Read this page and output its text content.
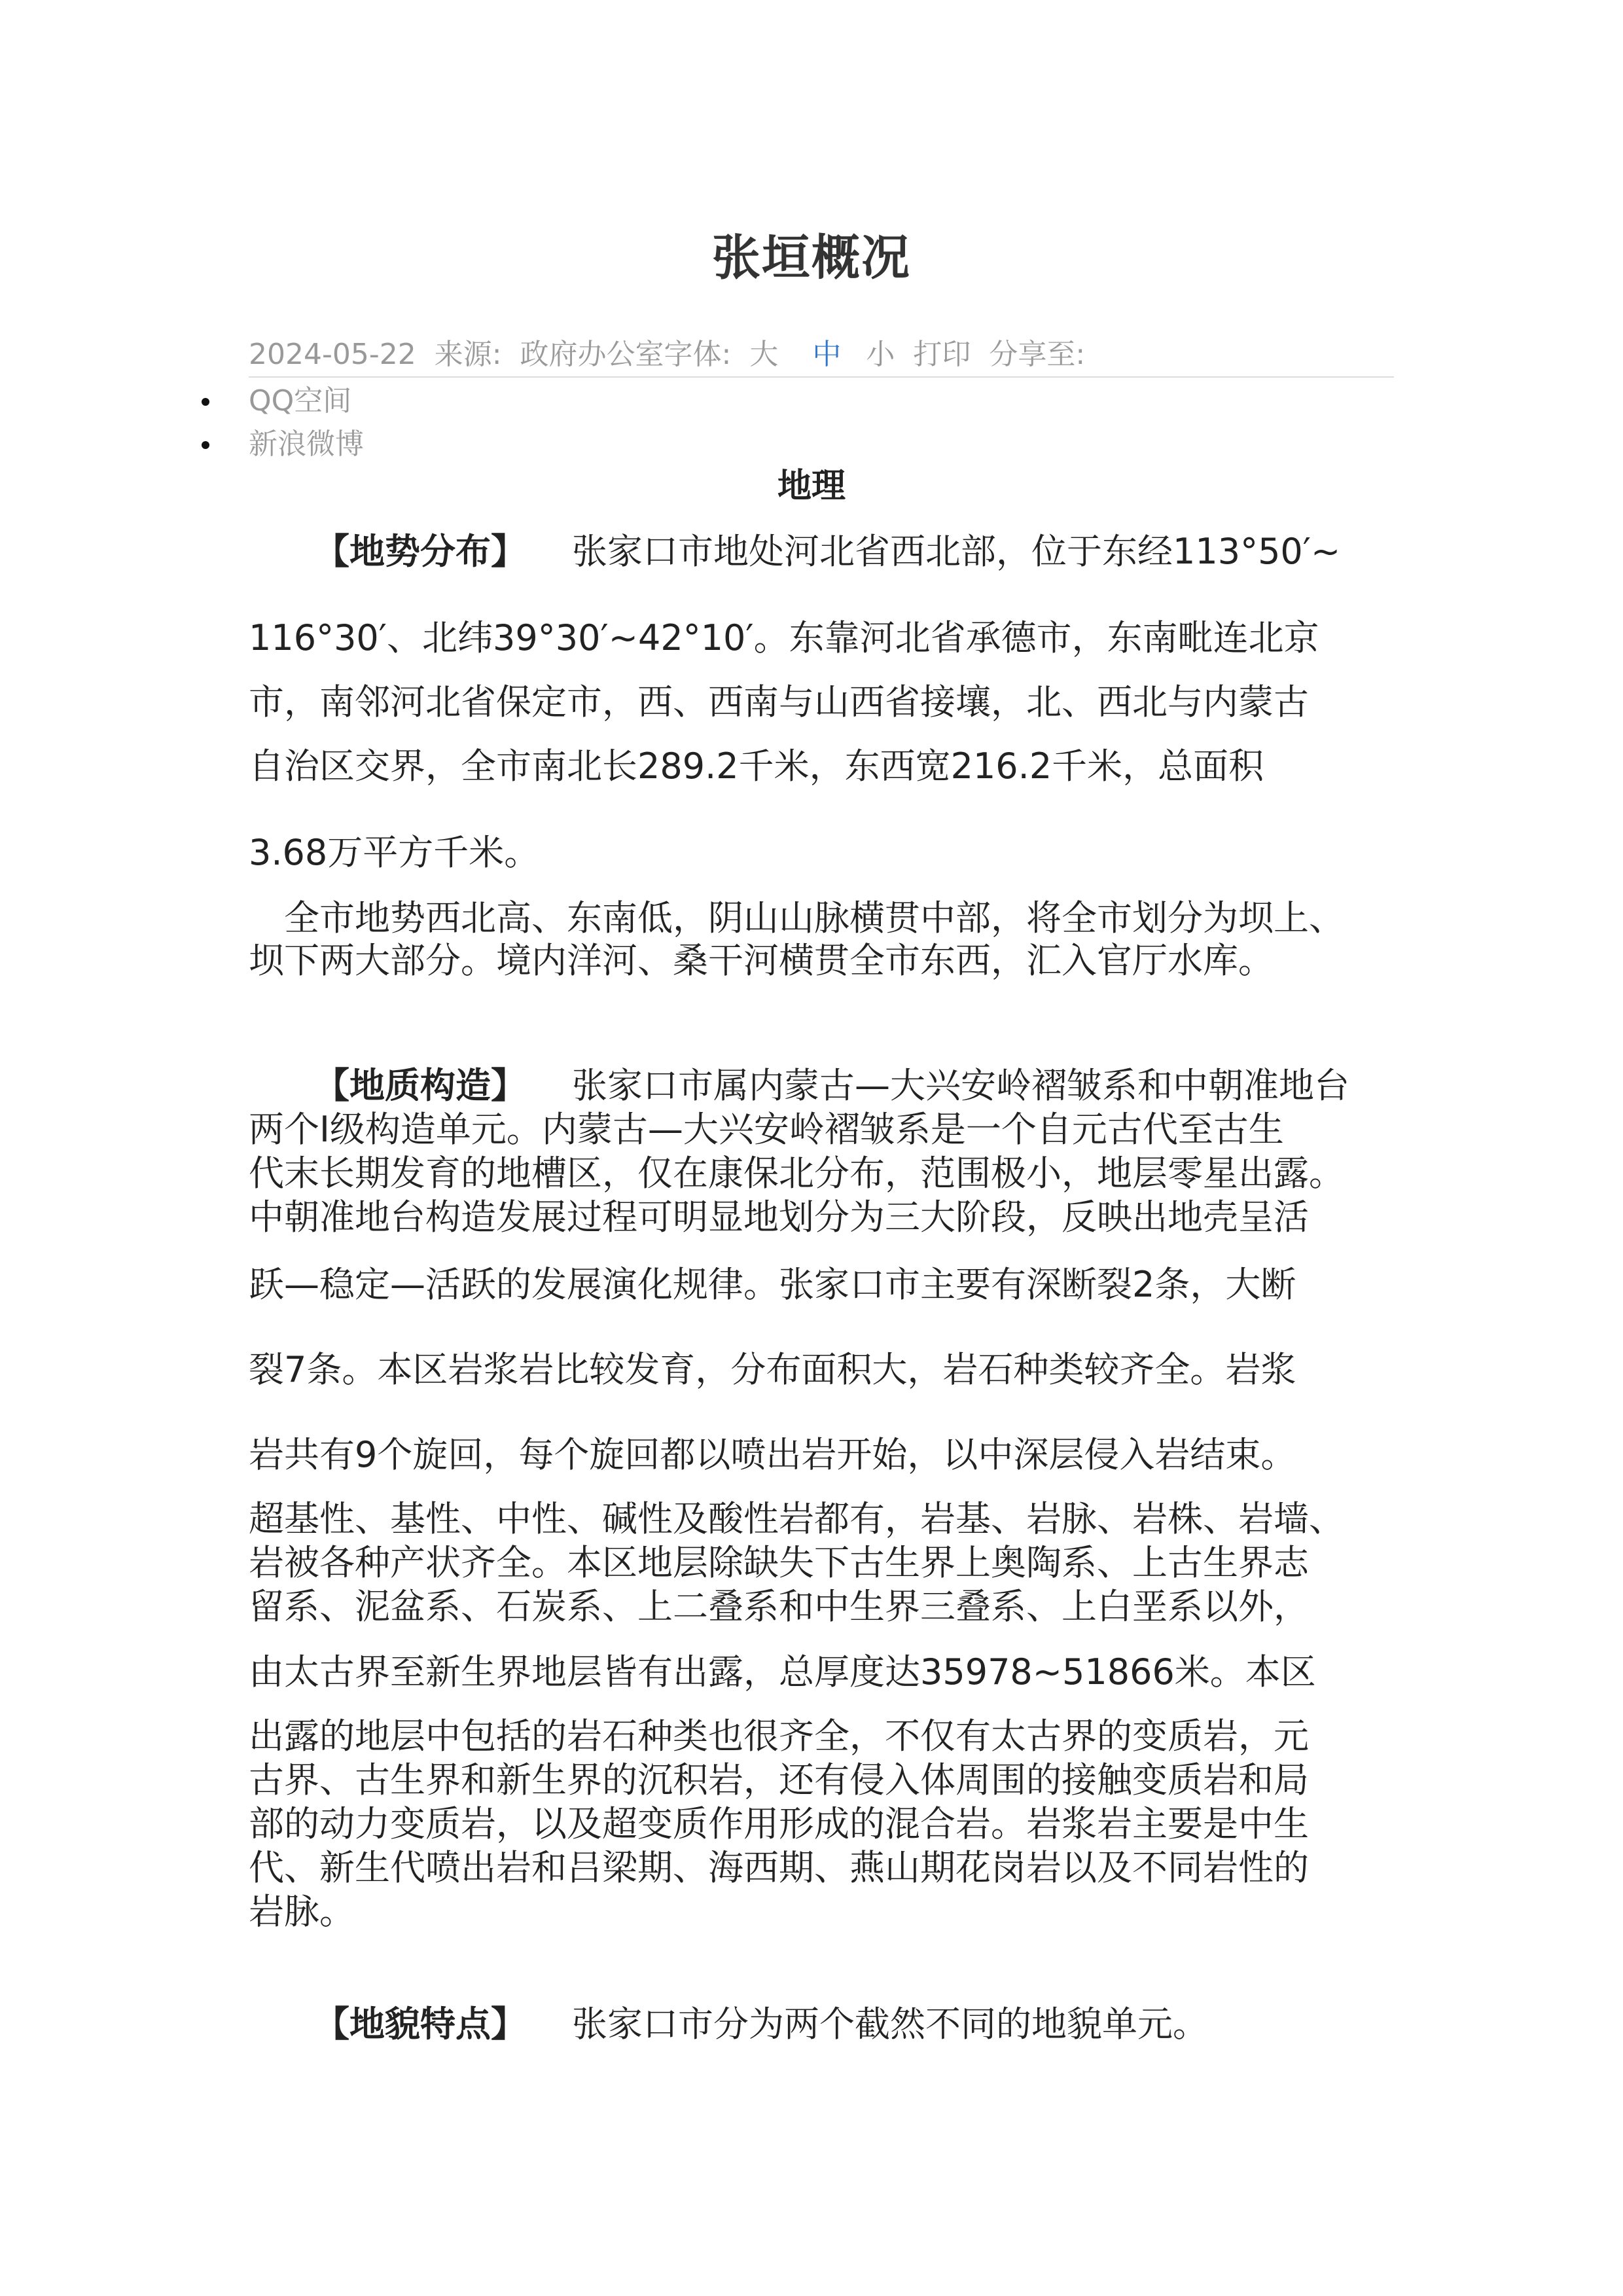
张垣概况
2024-05-22 来源: 政府办公室字体: 大 中 小 打印 分享至:
QQ空间
新浪微博
地理
【地势分布】 张家口市地处河北省西北部，位于东经113°50′~
116°30′、北纬39°30′~42°10′。东靠河北省承德市，东南毗连北京
市，南邻河北省保定市，西、西南与山西省接壤，北、西北与内蒙古
自治区交界，全市南北长289.2千米，东西宽216.2千米，总面积
3.68万平方千米。
　全市地势西北高、东南低，阴山山脉横贯中部，将全市划分为坝上、
坝下两大部分。境内洋河、桑干河横贯全市东西，汇入官厅水库。
【地质构造】 张家口市属内蒙古—大兴安岭褶皱系和中朝准地台
两个Ⅰ级构造单元。内蒙古—大兴安岭褶皱系是一个自元古代至古生
代末长期发育的地槽区，仅在康保北分布，范围极小，地层零星出露。
中朝准地台构造发展过程可明显地划分为三大阶段，反映出地壳呈活
跃—稳定—活跃的发展演化规律。张家口市主要有深断裂2条，大断
裂7条。本区岩浆岩比较发育，分布面积大，岩石种类较齐全。岩浆
岩共有9个旋回，每个旋回都以喷出岩开始，以中深层侵入岩结束。
超基性、基性、中性、碱性及酸性岩都有，岩基、岩脉、岩株、岩墙、
岩被各种产状齐全。本区地层除缺失下古生界上奥陶系、上古生界志
留系、泥盆系、石炭系、上二叠系和中生界三叠系、上白垩系以外，
由太古界至新生界地层皆有出露，总厚度达35978~51866米。本区
出露的地层中包括的岩石种类也很齐全，不仅有太古界的变质岩，元
古界、古生界和新生界的沉积岩，还有侵入体周围的接触变质岩和局
部的动力变质岩，以及超变质作用形成的混合岩。岩浆岩主要是中生
代、新生代喷出岩和吕梁期、海西期、燕山期花岗岩以及不同岩性的
岩脉。
【地貌特点】 张家口市分为两个截然不同的地貌单元。
